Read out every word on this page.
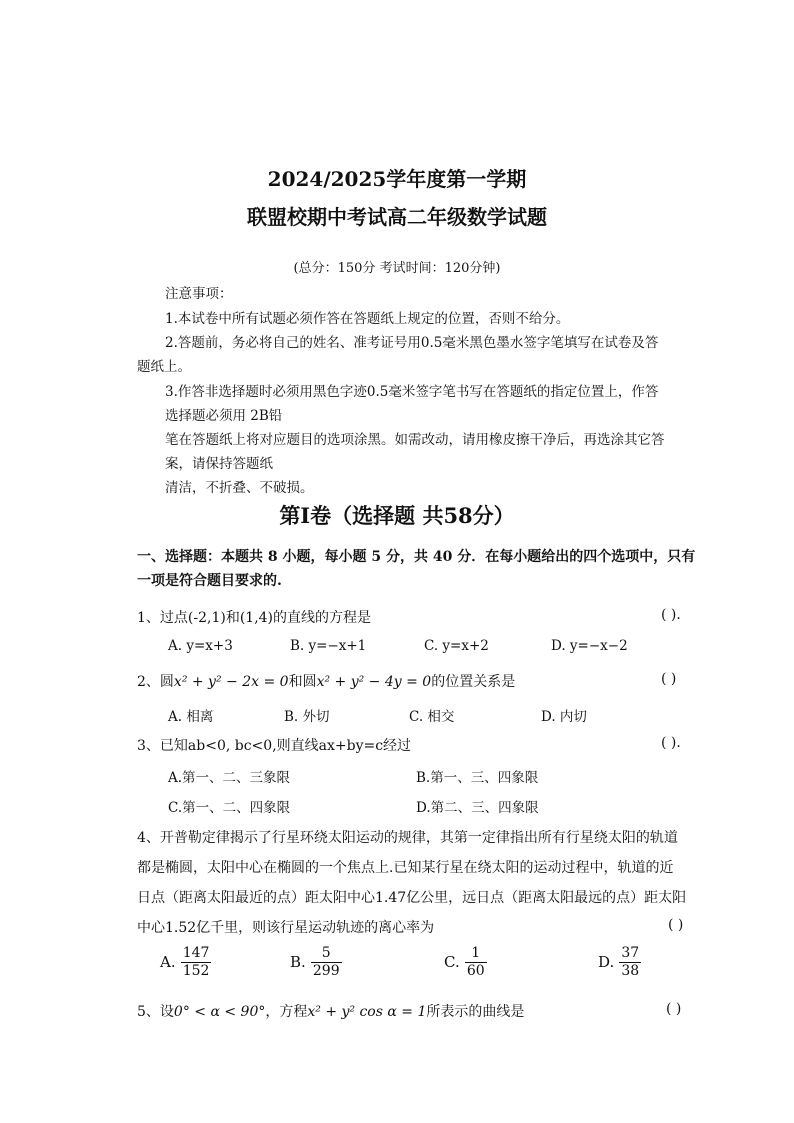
2024/2025学年度第一学期
联盟校期中考试高二年级数学试题
(总分：150分 考试时间：120分钟)
注意事项：
1.本试卷中所有试题必须作答在答题纸上规定的位置，否则不给分。
2.答题前，务必将自己的姓名、准考证号用0.5毫米黑色墨水签字笔填写在试卷及答
题纸上。
3.作答非选择题时必须用黑色字迹0.5毫米签字笔书写在答题纸的指定位置上，作答
选择题必须用 2B铅
笔在答题纸上将对应题目的选项涂黑。如需改动，请用橡皮擦干净后，再选涂其它答
案，请保持答题纸
清洁，不折叠、不破损。
第Ⅰ卷（选择题 共58分）
一、选择题：本题共 8 小题，每小题 5 分，共 40 分．在每小题给出的四个选项中，只有
一项是符合题目要求的.
1、过点(-2,1)和(1,4)的直线的方程是	( ).
A. y=x+3	B. y=−x+1	C. y=x+2	D. y=−x−2
2、圆x² + y² − 2x = 0和圆x² + y² − 4y = 0的位置关系是	( )
A. 相离	B. 外切	C. 相交	D. 内切
3、已知ab<0, bc<0,则直线ax+by=c经过	( ).
A.第一、二、三象限	B.第一、三、四象限
C.第一、二、四象限	D.第二、三、四象限
4、开普勒定律揭示了行星环绕太阳运动的规律，其第一定律指出所有行星绕太阳的轨道
都是椭圆，太阳中心在椭圆的一个焦点上.已知某行星在绕太阳的运动过程中，轨道的近
日点（距离太阳最近的点）距太阳中心1.47亿公里，远日点（距离太阳最远的点）距太阳
中心1.52亿千里，则该行星运动轨迹的离心率为	( )
A. $\frac{147}{152}$	B. $\frac{5}{299}$	C. $\frac{1}{60}$	D. $\frac{37}{38}$
5、设0° < α < 90°，方程x² + y² cos α = 1所表示的曲线是	( )
